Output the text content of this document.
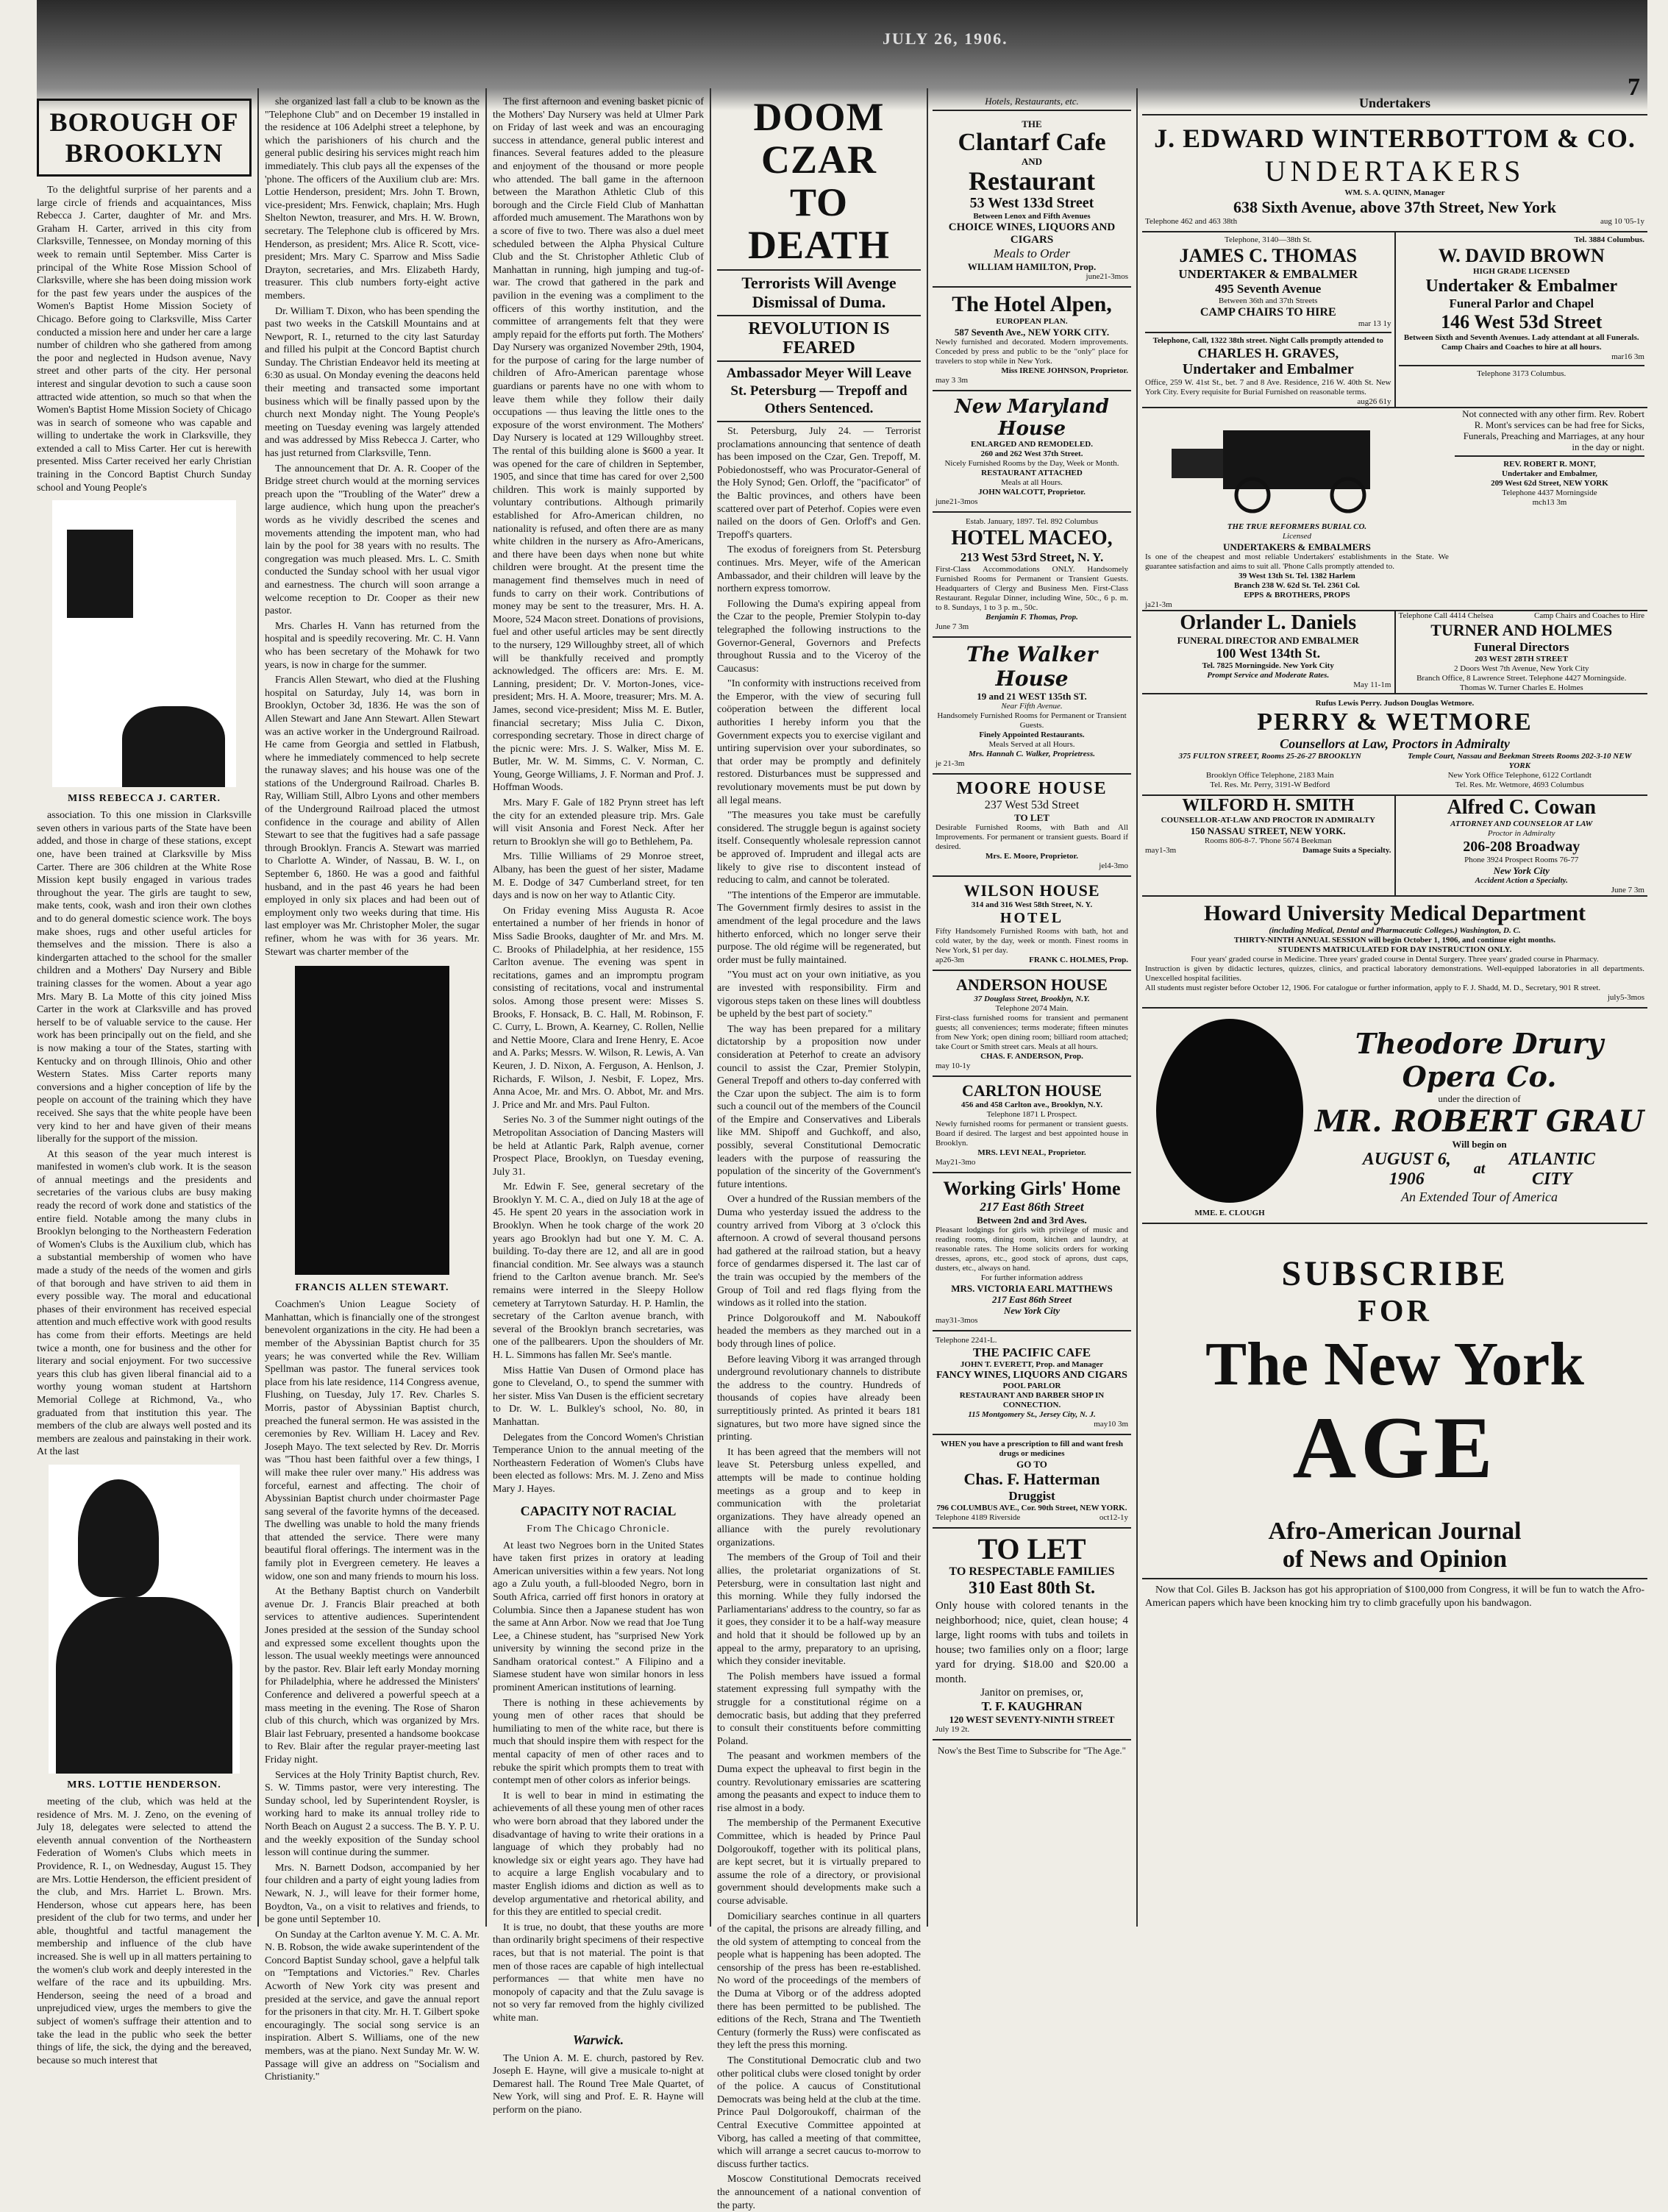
JULY 26, 1906.
7
BOROUGH OF BROOKLYN

To the delightful surprise of her parents and a large circle of friends and acquaintances, Miss Rebecca J. Carter, daughter of Mr. and Mrs. Graham H. Carter, arrived in this city from Clarksville, Tennessee, on Monday morning of this week to remain until September. Miss Carter is principal of the White Rose Mission School of Clarksville, where she has been doing mission work for the past few years under the auspices of the Women's Baptist Home Mission Society of Chicago. Before going to Clarksville, Miss Carter conducted a mission here and under her care a large number of children who she gathered from among the poor and neglected in Hudson avenue, Navy street and other parts of the city. Her personal interest and singular devotion to such a cause soon attracted wide attention, so much so that when the Women's Baptist Home Mission Society of Chicago was in search of someone who was capable and willing to undertake the work in Clarksville, they extended a call to Miss Carter. Her cut is herewith presented. Miss Carter received her early Christian training in the Concord Baptist Church Sunday school and Young People's

MISS REBECCA J. CARTER.

association. To this one mission in Clarksville seven others in various parts of the State have been added, and those in charge of these stations, except one, have been trained at Clarksville by Miss Carter. There are 306 children at the White Rose Mission kept busily engaged in various trades throughout the year. The girls are taught to sew, make tents, cook, wash and iron their own clothes and to do general domestic science work. The boys make shoes, rugs and other useful articles for themselves and the mission. There is also a kindergarten attached to the school for the smaller children and a Mothers' Day Nursery and Bible training classes for the women. About a year ago Mrs. Mary B. La Motte of this city joined Miss Carter in the work at Clarksville and has proved herself to be of valuable service to the cause. Her work has been principally out on the field, and she is now making a tour of the States, starting with Kentucky and on through Illinois, Ohio and other Western States. Miss Carter reports many conversions and a higher conception of life by the people on account of the training which they have received. She says that the white people have been very kind to her and have given of their means liberally for the support of the mission.

At this season of the year much interest is manifested in women's club work. It is the season of annual meetings and the presidents and secretaries of the various clubs are busy making ready the record of work done and statistics of the entire field. Notable among the many clubs in Brooklyn belonging to the Northeastern Federation of Women's Clubs is the Auxilium club, which has a substantial membership of women who have made a study of the needs of the women and girls of that borough and have striven to aid them in every possible way. The moral and educational phases of their environment has received especial attention and much effective work with good results has come from their efforts. Meetings are held twice a month, one for business and the other for literary and social enjoyment. For two successive years this club has given liberal financial aid to a worthy young woman student at Hartshorn Memorial College at Richmond, Va., who graduated from that institution this year. The members of the club are always well posted and its members are zealous and painstaking in their work. At the last

MRS. LOTTIE HENDERSON.

meeting of the club, which was held at the residence of Mrs. M. J. Zeno, on the evening of July 18, delegates were selected to attend the eleventh annual convention of the Northeastern Federation of Women's Clubs which meets in Providence, R. I., on Wednesday, August 15. They are Mrs. Lottie Henderson, the efficient president of the club, and Mrs. Harriet L. Brown. Mrs. Henderson, whose cut appears here, has been president of the club for two terms, and under her able, thoughtful and tactful management the membership and influence of the club have increased. She is well up in all matters pertaining to the women's club work and deeply interested in the welfare of the race and its upbuilding. Mrs. Henderson, seeing the need of a broad and unprejudiced view, urges the members to give the subject of women's suffrage their attention and to take the lead in the public who seek the better things of life, the sick, the dying and the bereaved, because so much interest that

she organized last fall a club to be known as the "Telephone Club" and on December 19 installed in the residence at 106 Adelphi street a telephone, by which the parishioners of his church and the general public desiring his services might reach him immediately. This club pays all the expenses of the 'phone. The officers of the Auxilium club are: Mrs. Lottie Henderson, president; Mrs. John T. Brown, vice-president; Mrs. Fenwick, chaplain; Mrs. Hugh Shelton Newton, treasurer, and Mrs. H. W. Brown, secretary. The Telephone club is officered by Mrs. Henderson, as president; Mrs. Alice R. Scott, vice-president; Mrs. Mary C. Sparrow and Miss Sadie Drayton, secretaries, and Mrs. Elizabeth Hardy, treasurer. This club numbers forty-eight active members.

Dr. William T. Dixon, who has been spending the past two weeks in the Catskill Mountains and at Newport, R. I., returned to the city last Saturday and filled his pulpit at the Concord Baptist church Sunday. The Christian Endeavor held its meeting at 6:30 as usual. On Monday evening the deacons held their meeting and transacted some important business which will be finally passed upon by the church next Monday night. The Young People's meeting on Tuesday evening was largely attended and was addressed by Miss Rebecca J. Carter, who has just returned from Clarksville, Tenn.

The announcement that Dr. A. R. Cooper of the Bridge street church would at the morning services preach upon the "Troubling of the Water" drew a large audience, which hung upon the preacher's words as he vividly described the scenes and movements attending the impotent man, who had lain by the pool for 38 years with no results. The congregation was much pleased. Mrs. L. C. Smith conducted the Sunday school with her usual vigor and earnestness. The church will soon arrange a welcome reception to Dr. Cooper as their new pastor.

Mrs. Charles H. Vann has returned from the hospital and is speedily recovering. Mr. C. H. Vann who has been secretary of the Mohawk for two years, is now in charge for the summer.

Francis Allen Stewart, who died at the Flushing hospital on Saturday, July 14, was born in Brooklyn, October 3d, 1836. He was the son of Allen Stewart and Jane Ann Stewart. Allen Stewart was an active worker in the Underground Railroad. He came from Georgia and settled in Flatbush, where he immediately commenced to help secrete the runaway slaves; and his house was one of the stations of the Underground Railroad. Charles B. Ray, William Still, Albro Lyons and other members of the Underground Railroad placed the utmost confidence in the courage and ability of Allen Stewart to see that the fugitives had a safe passage through Brooklyn. Francis A. Stewart was married to Charlotte A. Winder, of Nassau, B. W. I., on September 6, 1860. He was a good and faithful husband, and in the past 46 years he had been employed in only six places and had been out of employment only two weeks during that time. His last employer was Mr. Christopher Moler, the sugar refiner, whom he was with for 36 years. Mr. Stewart was charter member of the

FRANCIS ALLEN STEWART.

Coachmen's Union League Society of Manhattan, which is financially one of the strongest benevolent organizations in the city. He had been a member of the Abyssinian Baptist church for 35 years; he was converted while the Rev. William Spellman was pastor. The funeral services took place from his late residence, 114 Congress avenue, Flushing, on Tuesday, July 17. Rev. Charles S. Morris, pastor of Abyssinian Baptist church, preached the funeral sermon. He was assisted in the ceremonies by Rev. William H. Lacey and Rev. Joseph Mayo. The text selected by Rev. Dr. Morris was "Thou hast been faithful over a few things, I will make thee ruler over many." His address was forceful, earnest and affecting. The choir of Abyssinian Baptist church under choirmaster Page sang several of the favorite hymns of the deceased. The dwelling was unable to hold the many friends that attended the service. There were many beautiful floral offerings. The interment was in the family plot in Evergreen cemetery. He leaves a widow, one son and many friends to mourn his loss.

At the Bethany Baptist church on Vanderbilt avenue Dr. J. Francis Blair preached at both services to attentive audiences. Superintendent Jones presided at the session of the Sunday school and expressed some excellent thoughts upon the lesson. The usual weekly meetings were announced by the pastor. Rev. Blair left early Monday morning for Philadelphia, where he addressed the Ministers' Conference and delivered a powerful speech at a mass meeting in the evening. The Rose of Sharon club of this church, which was organized by Mrs. Blair last February, presented a handsome bookcase to Rev. Blair after the regular prayer-meeting last Friday night.

Services at the Holy Trinity Baptist church, Rev. S. W. Timms pastor, were very interesting. The Sunday school, led by Superintendent Roysler, is working hard to make its annual trolley ride to North Beach on August 2 a success. The B. Y. P. U. and the weekly exposition of the Sunday school lesson will continue during the summer.

Mrs. N. Barnett Dodson, accompanied by her four children and a party of eight young ladies from Newark, N. J., will leave for their former home, Boydton, Va., on a visit to relatives and friends, to be gone until September 10.

On Sunday at the Carlton avenue Y. M. C. A. Mr. N. B. Robson, the wide awake superintendent of the Concord Baptist Sunday school, gave a helpful talk on "Temptations and Victories." Rev. Charles Acworth of New York city was present and presided at the service, and gave the annual report for the prisoners in that city. Mr. H. T. Gilbert spoke encouragingly. The social song service is an inspiration. Albert S. Williams, one of the new members, was at the piano. Next Sunday Mr. W. W. Passage will give an address on "Socialism and Christianity."

The first afternoon and evening basket picnic of the Mothers' Day Nursery was held at Ulmer Park on Friday of last week and was an encouraging success in attendance, general public interest and finances. Several features added to the pleasure and enjoyment of the thousand or more people who attended. The ball game in the afternoon between the Marathon Athletic Club of this borough and the Circle Field Club of Manhattan afforded much amusement. The Marathons won by a score of five to two. There was also a duel meet scheduled between the Alpha Physical Culture Club and the St. Christopher Athletic Club of Manhattan in running, high jumping and tug-of-war. The crowd that gathered in the park and pavilion in the evening was a compliment to the officers of this worthy institution, and the committee of arrangements felt that they were amply repaid for the efforts put forth. The Mothers' Day Nursery was organized November 29th, 1904, for the purpose of caring for the large number of children of Afro-American parentage whose guardians or parents have no one with whom to leave them while they follow their daily occupations — thus leaving the little ones to the exposure of the worst environment. The Mothers' Day Nursery is located at 129 Willoughby street. The rental of this building alone is $600 a year. It was opened for the care of children in September, 1905, and since that time has cared for over 2,500 children. This work is mainly supported by voluntary contributions. Although primarily established for Afro-American children, no nationality is refused, and often there are as many white children in the nursery as Afro-Americans, and there have been days when none but white children were brought. At the present time the management find themselves much in need of funds to carry on their work. Contributions of money may be sent to the treasurer, Mrs. H. A. Moore, 524 Macon street. Donations of provisions, fuel and other useful articles may be sent directly to the nursery, 129 Willoughby street, all of which will be thankfully received and promptly acknowledged. The officers are: Mrs. E. M. Lanning, president; Dr. V. Morton-Jones, vice-president; Mrs. H. A. Moore, treasurer; Mrs. M. A. James, second vice-president; Miss M. E. Butler, financial secretary; Miss Julia C. Dixon, corresponding secretary. Those in direct charge of the picnic were: Mrs. J. S. Walker, Miss M. E. Butler, Mr. W. M. Simms, C. V. Norman, C. Young, George Williams, J. F. Norman and Prof. J. Hoffman Woods.

Mrs. Mary F. Gale of 182 Prynn street has left the city for an extended pleasure trip. Mrs. Gale will visit Ansonia and Forest Neck. After her return to Brooklyn she will go to Bethlehem, Pa.

Mrs. Tillie Williams of 29 Monroe street, Albany, has been the guest of her sister, Madame M. E. Dodge of 347 Cumberland street, for ten days and is now on her way to Atlantic City.

On Friday evening Miss Augusta R. Acoe entertained a number of her friends in honor of Miss Sadie Brooks, daughter of Mr. and Mrs. M. C. Brooks of Philadelphia, at her residence, 155 Carlton avenue. The evening was spent in recitations, games and an impromptu program consisting of recitations, vocal and instrumental solos. Among those present were: Misses S. Brooks, F. Honsack, B. C. Hall, M. Robinson, F. C. Curry, L. Brown, A. Kearney, C. Rollen, Nellie and Nettie Moore, Clara and Irene Henry, E. Acoe and A. Parks; Messrs. W. Wilson, R. Lewis, A. Van Keuren, J. D. Nixon, A. Ferguson, A. Henlson, J. Richards, F. Wilson, J. Nesbit, F. Lopez, Mrs. Anna Acoe, Mr. and Mrs. O. Abbot, Mr. and Mrs. J. Price and Mr. and Mrs. Paul Fulton.

Series No. 3 of the Summer night outings of the Metropolitan Association of Dancing Masters will be held at Atlantic Park, Ralph avenue, corner Prospect Place, Brooklyn, on Tuesday evening, July 31.

Mr. Edwin F. See, general secretary of the Brooklyn Y. M. C. A., died on July 18 at the age of 45. He spent 20 years in the association work in Brooklyn. When he took charge of the work 20 years ago Brooklyn had but one Y. M. C. A. building. To-day there are 12, and all are in good financial condition. Mr. See always was a staunch friend to the Carlton avenue branch. Mr. See's remains were interred in the Sleepy Hollow cemetery at Tarrytown Saturday. H. P. Hamlin, the secretary of the Carlton avenue branch, with several of the Brooklyn branch secretaries, was one of the pallbearers. Upon the shoulders of Mr. H. L. Simmons has fallen Mr. See's mantle.

Miss Hattie Van Dusen of Ormond place has gone to Cleveland, O., to spend the summer with her sister. Miss Van Dusen is the efficient secretary to Dr. W. L. Bulkley's school, No. 80, in Manhattan.

Delegates from the Concord Women's Christian Temperance Union to the annual meeting of the Northeastern Federation of Women's Clubs have been elected as follows: Mrs. M. J. Zeno and Miss Mary J. Hayes.

CAPACITY NOT RACIAL
From The Chicago Chronicle.

At least two Negroes born in the United States have taken first prizes in oratory at leading American universities within a few years. Not long ago a Zulu youth, a full-blooded Negro, born in South Africa, carried off first honors in oratory at Columbia. Since then a Japanese student has won the same at Ann Arbor. Now we read that Joe Tung Lee, a Chinese student, has "surprised New York university by winning the second prize in the Sandham oratorical contest." A Filipino and a Siamese student have won similar honors in less prominent American institutions of learning.

There is nothing in these achievements by young men of other races that should be humiliating to men of the white race, but there is much that should inspire them with respect for the mental capacity of men of other races and to rebuke the spirit which prompts them to treat with contempt men of other colors as inferior beings.

It is well to bear in mind in estimating the achievements of all these young men of other races who were born abroad that they labored under the disadvantage of having to write their orations in a language of which they probably had no knowledge six or eight years ago. They have had to acquire a large English vocabulary and to master English idioms and diction as well as to develop argumentative and rhetorical ability, and for this they are entitled to special credit.

It is true, no doubt, that these youths are more than ordinarily bright specimens of their respective races, but that is not material. The point is that men of those races are capable of high intellectual performances — that white men have no monopoly of capacity and that the Zulu savage is not so very far removed from the highly civilized white man.

Warwick.

The Union A. M. E. church, pastored by Rev. Joseph E. Hayne, will give a musicale to-night at Demarest hall. The Round Tree Male Quartet, of New York, will sing and Prof. E. R. Hayne will perform on the piano.

DOOM CZAR
TO DEATH
Terrorists Will Avenge Dismissal of Duma.
REVOLUTION IS FEARED
Ambassador Meyer Will Leave St. Petersburg — Trepoff and Others Sentenced.

St. Petersburg, July 24. — Terrorist proclamations announcing that sentence of death has been imposed on the Czar, Gen. Trepoff, M. Pobiedonostseff, who was Procurator-General of the Holy Synod; Gen. Orloff, the "pacificator" of the Baltic provinces, and others have been scattered over part of Peterhof. Copies were even nailed on the doors of Gen. Orloff's and Gen. Trepoff's quarters.

The exodus of foreigners from St. Petersburg continues. Mrs. Meyer, wife of the American Ambassador, and their children will leave by the northern express tomorrow.

Following the Duma's expiring appeal from the Czar to the people, Premier Stolypin to-day telegraphed the following instructions to the Governor-General, Governors and Prefects throughout Russia and to the Viceroy of the Caucasus:

"In conformity with instructions received from the Emperor, with the view of securing full coöperation between the different local authorities I hereby inform you that the Government expects you to exercise vigilant and untiring supervision over your subordinates, so that order may be promptly and definitely restored. Disturbances must be suppressed and revolutionary movements must be put down by all legal means.

"The measures you take must be carefully considered. The struggle begun is against society itself. Consequently wholesale repression cannot be approved of. Imprudent and illegal acts are likely to give rise to discontent instead of reducing to calm, and cannot be tolerated.

"The intentions of the Emperor are immutable. The Government firmly desires to assist in the amendment of the legal procedure and the laws hitherto enforced, which no longer serve their purpose. The old régime will be regenerated, but order must be fully maintained.

"You must act on your own initiative, as you are invested with responsibility. Firm and vigorous steps taken on these lines will doubtless be upheld by the best part of society."

The way has been prepared for a military dictatorship by a proposition now under consideration at Peterhof to create an advisory council to assist the Czar, Premier Stolypin, General Trepoff and others to-day conferred with the Czar upon the subject. The aim is to form such a council out of the members of the Council of the Empire and Conservatives and Liberals like MM. Shipoff and Guchkoff, and also, possibly, several Constitutional Democratic leaders with the purpose of reassuring the population of the sincerity of the Government's future intentions.

Over a hundred of the Russian members of the Duma who yesterday issued the address to the country arrived from Viborg at 3 o'clock this afternoon. A crowd of several thousand persons had gathered at the railroad station, but a heavy force of gendarmes dispersed it. The last car of the train was occupied by the members of the Group of Toil and red flags flying from the windows as it rolled into the station.

Prince Dolgoroukoff and M. Naboukoff headed the members as they marched out in a body through lines of police.

Before leaving Viborg it was arranged through underground revolutionary channels to distribute the address to the country. Hundreds of thousands of copies have already been surreptitiously printed. As printed it bears 181 signatures, but two more have signed since the printing.

It has been agreed that the members will not leave St. Petersburg unless expelled, and attempts will be made to continue holding meetings as a group and to keep in communication with the proletariat organizations. They have already opened an alliance with the purely revolutionary organizations.

The members of the Group of Toil and their allies, the proletariat organizations of St. Petersburg, were in consultation last night and this morning. While they fully indorsed the Parliamentarians' address to the country, so far as it goes, they consider it to be a half-way measure and hold that it should be followed up by an appeal to the army, preparatory to an uprising, which they consider inevitable.

The Polish members have issued a formal statement expressing full sympathy with the struggle for a constitutional régime on a democratic basis, but adding that they preferred to consult their constituents before committing Poland.

The peasant and workmen members of the Duma expect the upheaval to first begin in the country. Revolutionary emissaries are scattering among the peasants and expect to induce them to rise almost in a body.

The membership of the Permanent Executive Committee, which is headed by Prince Paul Dolgoroukoff, together with its political plans, are kept secret, but it is virtually prepared to assume the role of a directory, or provisional government should developments make such a course advisable.

Domiciliary searches continue in all quarters of the capital, the prisons are already filling, and the old system of attempting to conceal from the people what is happening has been adopted. The censorship of the press has been re-established. No word of the proceedings of the members of the Duma at Viborg or of the address adopted there has been permitted to be published. The editions of the Rech, Strana and The Twentieth Century (formerly the Russ) were confiscated as they left the press this morning.

The Constitutional Democratic club and two other political clubs were closed tonight by order of the police. A caucus of Constitutional Democrats was being held at the club at the time. Prince Paul Dolgoroukoff, chairman of the Central Executive Committee appointed at Viborg, has called a meeting of that committee, which will arrange a secret caucus to-morrow to discuss further tactics.

Moscow Constitutional Democrats received the announcement of a national convention of the party.

Hotels, Restaurants, etc.
THE
Clantarf Cafe
AND
Restaurant
53 West 133d Street
Between Lenox and Fifth Avenues
CHOICE WINES, LIQUORS AND CIGARS
Meals to Order
WILLIAM HAMILTON, Prop.
june21-3mos
The Hotel Alpen,
EUROPEAN PLAN.
587 Seventh Ave., NEW YORK CITY.
Newly furnished and decorated. Modern improvements. Conceded by press and public to be the "only" place for travelers to stop while in New York.
Miss IRENE JOHNSON, Proprietor.
may 3 3m
New Maryland House
ENLARGED AND REMODELED.
260 and 262 West 37th Street.
Nicely Furnished Rooms by the Day, Week or Month.
RESTAURANT ATTACHED
Meals at all Hours.
JOHN WALCOTT, Proprietor.
june21-3mos
Estab. January, 1897. Tel. 892 Columbus
HOTEL MACEO,
213 West 53rd Street, N. Y.
First-Class Accommodations ONLY. Handsomely Furnished Rooms for Permanent or Transient Guests. Headquarters of Clergy and Business Men. First-Class Restaurant. Regular Dinner, including Wine, 50c., 6 p. m. to 8. Sundays, 1 to 3 p. m., 50c.
Benjamin F. Thomas, Prop.
June 7 3m
The Walker House
19 and 21 WEST 135th ST.
Near Fifth Avenue.
Handsomely Furnished Rooms for Permanent or Transient Guests.
Finely Appointed Restaurants.
Meals Served at all Hours.
Mrs. Hannah C. Walker, Proprietress.
je 21-3m
MOORE HOUSE
237 West 53d Street
TO LET
Desirable Furnished Rooms, with Bath and All Improvements. For permanent or transient guests. Board if desired.
Mrs. E. Moore, Proprietor.
jel4-3mo
WILSON HOUSE
314 and 316 West 58th Street, N. Y.
HOTEL
Fifty Handsomely Furnished Rooms with bath, hot and cold water, by the day, week or month. Finest rooms in New York, $1 per day.
ap26-3m	FRANK C. HOLMES, Prop.
ANDERSON HOUSE
37 Douglass Street, Brooklyn, N.Y.
Telephone 2074 Main.
First-class furnished rooms for transient and permanent guests; all conveniences; terms moderate; fifteen minutes from New York; open dining room; billiard room attached; take Court or Smith street cars. Meals at all hours.
CHAS. F. ANDERSON, Prop.
may 10-1y
CARLTON HOUSE
456 and 458 Carlton ave., Brooklyn, N.Y.
Telephone 1871 L Prospect.
Newly furnished rooms for permanent or transient guests. Board if desired. The largest and best appointed house in Brooklyn.
MRS. LEVI NEAL, Proprietor.
May21-3mo
Working Girls' Home
217 East 86th Street
Between 2nd and 3rd Aves.
Pleasant lodgings for girls with privilege of music and reading rooms, dining room, kitchen and laundry, at reasonable rates. The Home solicits orders for working dresses, aprons, etc., good stock of aprons, dust caps, dusters, etc., always on hand.
For further information address
MRS. VICTORIA EARL MATTHEWS
217 East 86th Street
New York City
may31-3mos
Telephone 2241-L.
THE PACIFIC CAFE
JOHN T. EVERETT, Prop. and Manager
FANCY WINES, LIQUORS AND CIGARS
POOL PARLOR
RESTAURANT AND BARBER SHOP IN CONNECTION.
115 Montgomery St., Jersey City, N. J.
may10 3m
WHEN you have a prescription to fill and want fresh drugs or medicines
GO TO
Chas. F. Hatterman
Druggist
796 COLUMBUS AVE., Cor. 90th Street, NEW YORK.
Telephone 4189 Riverside	oct12-1y
TO LET
TO RESPECTABLE FAMILIES
310 East 80th St.
Only house with colored tenants in the neighborhood; nice, quiet, clean house; 4 large, light rooms with tubs and toilets in house; two families only on a floor; large yard for drying. $18.00 and $20.00 a month.
Janitor on premises, or,
T. F. KAUGHRAN
120 WEST SEVENTY-NINTH STREET
July 19 2t.
Now's the Best Time to Subscribe for "The Age."
Undertakers
J. EDWARD WINTERBOTTOM & CO.
UNDERTAKERS
WM. S. A. QUINN, Manager
638 Sixth Avenue, above 37th Street, New York
Telephone 462 and 463 38th	aug 10 '05-1y
Telephone, 3140—38th St.
JAMES C. THOMAS
UNDERTAKER & EMBALMER
495 Seventh Avenue
Between 36th and 37th Streets
CAMP CHAIRS TO HIRE
mar 13 1y
Telephone, Call, 1322 38th street. Night Calls promptly attended to
CHARLES H. GRAVES,
Undertaker and Embalmer
Office, 259 W. 41st St., bet. 7 and 8 Ave. Residence, 216 W. 40th St. New York City. Every requisite for Burial Furnished on reasonable terms.
aug26 61y
Tel. 3884 Columbus.
W. DAVID BROWN
HIGH GRADE LICENSED
Undertaker & Embalmer
Funeral Parlor and Chapel
146 West 53d Street
Between Sixth and Seventh Avenues. Lady attendant at all Funerals. Camp Chairs and Coaches to hire at all hours.
mar16 3m
Telephone 3173 Columbus.
THE TRUE REFORMERS BURIAL CO.
Licensed
UNDERTAKERS & EMBALMERS
Is one of the cheapest and most reliable Undertakers' establishments in the State. We guarantee satisfaction and aims to suit all. 'Phone Calls promptly attended to.
39 West 13th St. Tel. 1382 Harlem
Branch 238 W. 62d St. Tel. 2361 Col.
EPPS & BROTHERS, PROPS
ja21-3m
Not connected with any other firm. Rev. Robert R. Mont's services can be had free for Sicks, Funerals, Preaching and Marriages, at any hour in the day or night.
REV. ROBERT R. MONT,
Undertaker and Embalmer,
209 West 62d Street, NEW YORK
Telephone 4437 Morningside
mch13 3m
Orlander L. Daniels
FUNERAL DIRECTOR AND EMBALMER
100 West 134th St.
Tel. 7825 Morningside. New York City
Prompt Service and Moderate Rates.
May 11-1m
Telephone Call 4414 Chelsea	Camp Chairs and Coaches to Hire
TURNER AND HOLMES
Funeral Directors
203 WEST 28TH STREET
2 Doors West 7th Avenue, New York City
Branch Office, 8 Lawrence Street. Telephone 4427 Morningside.
Thomas W. Turner Charles E. Holmes
Rufus Lewis Perry. Judson Douglas Wetmore.
PERRY & WETMORE
Counsellors at Law, Proctors in Admiralty
375 FULTON STREET, Rooms 25-26-27 BROOKLYN	Temple Court, Nassau and Beekman Streets Rooms 202-3-10 NEW YORK
Brooklyn Office Telephone, 2183 Main	New York Office Telephone, 6122 Cortlandt
Tel. Res. Mr. Perry, 3191-W Bedford	Tel. Res. Mr. Wetmore, 4693 Columbus
WILFORD H. SMITH
COUNSELLOR-AT-LAW AND PROCTOR IN ADMIRALTY
150 NASSAU STREET, NEW YORK.
Rooms 806-8-7. 'Phone 5674 Beekman
may1-3m	Damage Suits a Specialty.
Alfred C. Cowan
ATTORNEY AND COUNSELOR AT LAW
Proctor in Admiralty
206-208 Broadway
Phone 3924 Prospect Rooms 76-77
New York City
Accident Action a Specialty.
June 7 3m
Howard University Medical Department
(including Medical, Dental and Pharmaceutic Colleges.) Washington, D. C.
THIRTY-NINTH ANNUAL SESSION will begin October 1, 1906, and continue eight months.
STUDENTS MATRICULATED FOR DAY INSTRUCTION ONLY.
Four years' graded course in Medicine. Three years' graded course in Dental Surgery. Three years' graded course in Pharmacy.
Instruction is given by didactic lectures, quizzes, clinics, and practical laboratory demonstrations. Well-equipped laboratories in all departments. Unexcelled hospital facilities.
All students must register before October 12, 1906. For catalogue or further information, apply to F. J. Shadd, M. D., Secretary, 901 R street.
july5-3mos
MME. E. CLOUGH
Theodore Drury Opera Co.
under the direction of
MR. ROBERT GRAU
Will begin on
AUGUST 6, 1906
at
ATLANTIC CITY
An Extended Tour of America
SUBSCRIBE
FOR
The New York
AGE
Afro-American Journal
of News and Opinion

Now that Col. Giles B. Jackson has got his appropriation of $100,000 from Congress, it will be fun to watch the Afro-American papers which have been knocking him try to climb gracefully upon his bandwagon.
